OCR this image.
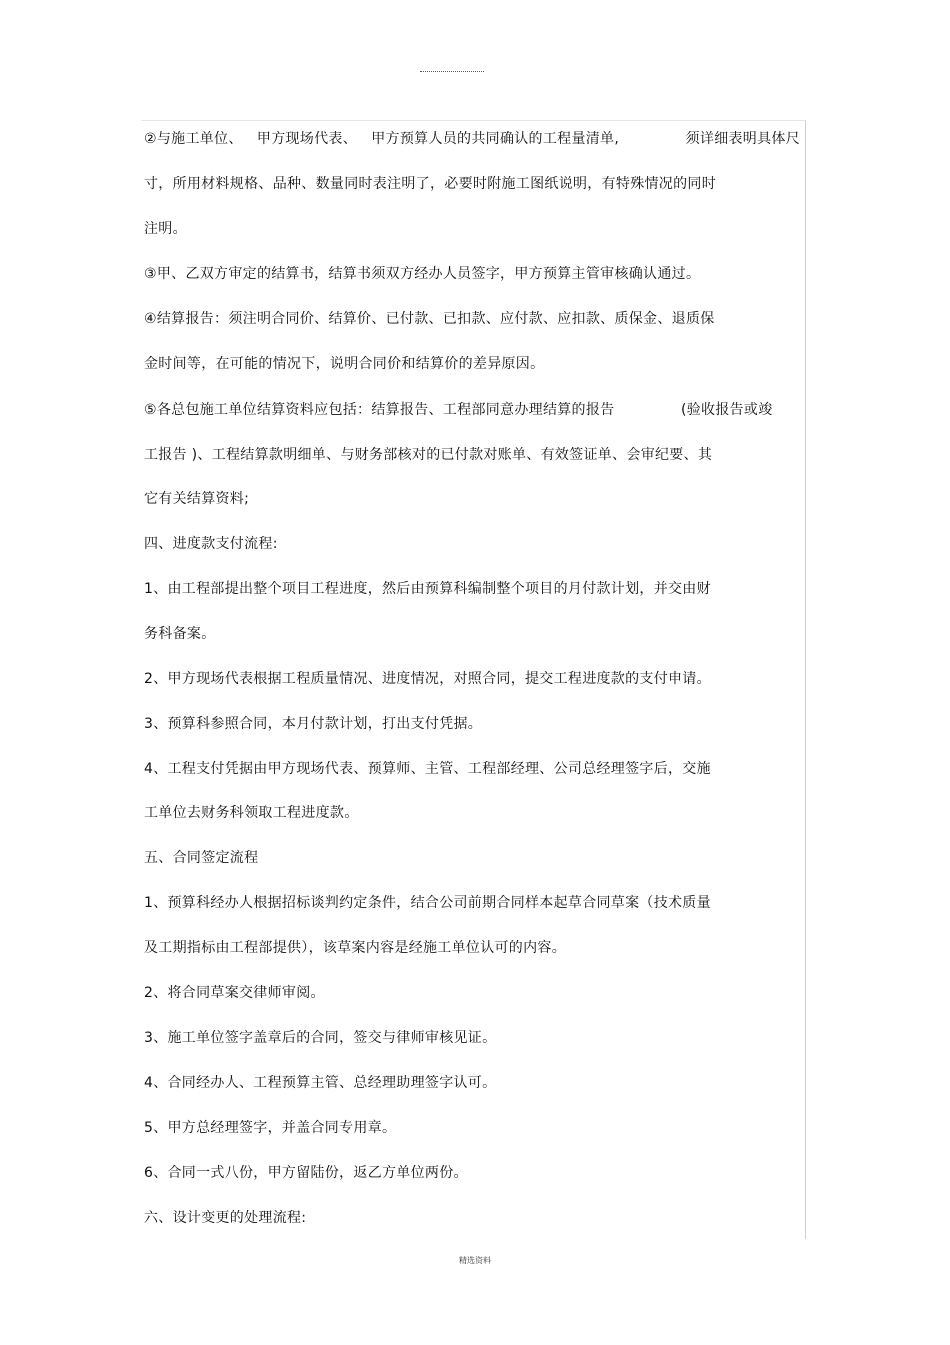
②与施工单位、   甲方现场代表、   甲方预算人员的共同确认的工程量清单,              须详细表明具体尺
寸，所用材料规格、品种、数量同时表注明了，必要时附施工图纸说明，有特殊情况的同时
注明。
③甲、乙双方审定的结算书，结算书须双方经办人员签字，甲方预算主管审核确认通过。
④结算报告：须注明合同价、结算价、已付款、已扣款、应付款、应扣款、质保金、退质保
金时间等，在可能的情况下，说明合同价和结算价的差异原因。
⑤各总包施工单位结算资料应包括：结算报告、工程部同意办理结算的报告              (验收报告或竣
工报告 )、工程结算款明细单、与财务部核对的已付款对账单、有效签证单、会审纪要、其
它有关结算资料;
四、进度款支付流程:
1、由工程部提出整个项目工程进度，然后由预算科编制整个项目的月付款计划，并交由财
务科备案。
2、甲方现场代表根据工程质量情况、进度情况，对照合同，提交工程进度款的支付申请。
3、预算科参照合同，本月付款计划，打出支付凭据。
4、工程支付凭据由甲方现场代表、预算师、主管、工程部经理、公司总经理签字后，交施
工单位去财务科领取工程进度款。
五、合同签定流程
1、预算科经办人根据招标谈判约定条件，结合公司前期合同样本起草合同草案（技术质量
及工期指标由工程部提供），该草案内容是经施工单位认可的内容。
2、将合同草案交律师审阅。
3、施工单位签字盖章后的合同，签交与律师审核见证。
4、合同经办人、工程预算主管、总经理助理签字认可。
5、甲方总经理签字，并盖合同专用章。
6、合同一式八份，甲方留陆份，返乙方单位两份。
六、设计变更的处理流程:
精选资料
